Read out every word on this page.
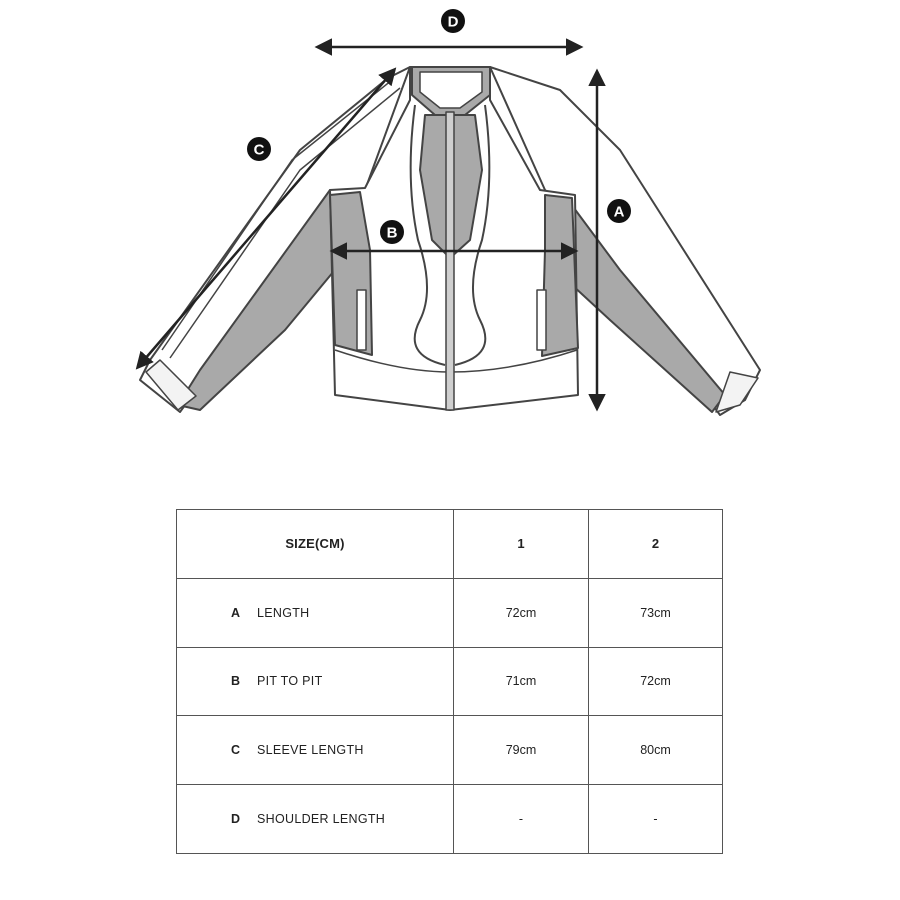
D
C
A
B
SIZE(CM)	1	2
A LENGTH	72cm	73cm
B PIT TO PIT	71cm	72cm
C SLEEVE LENGTH	79cm	80cm
D SHOULDER LENGTH	-	-
